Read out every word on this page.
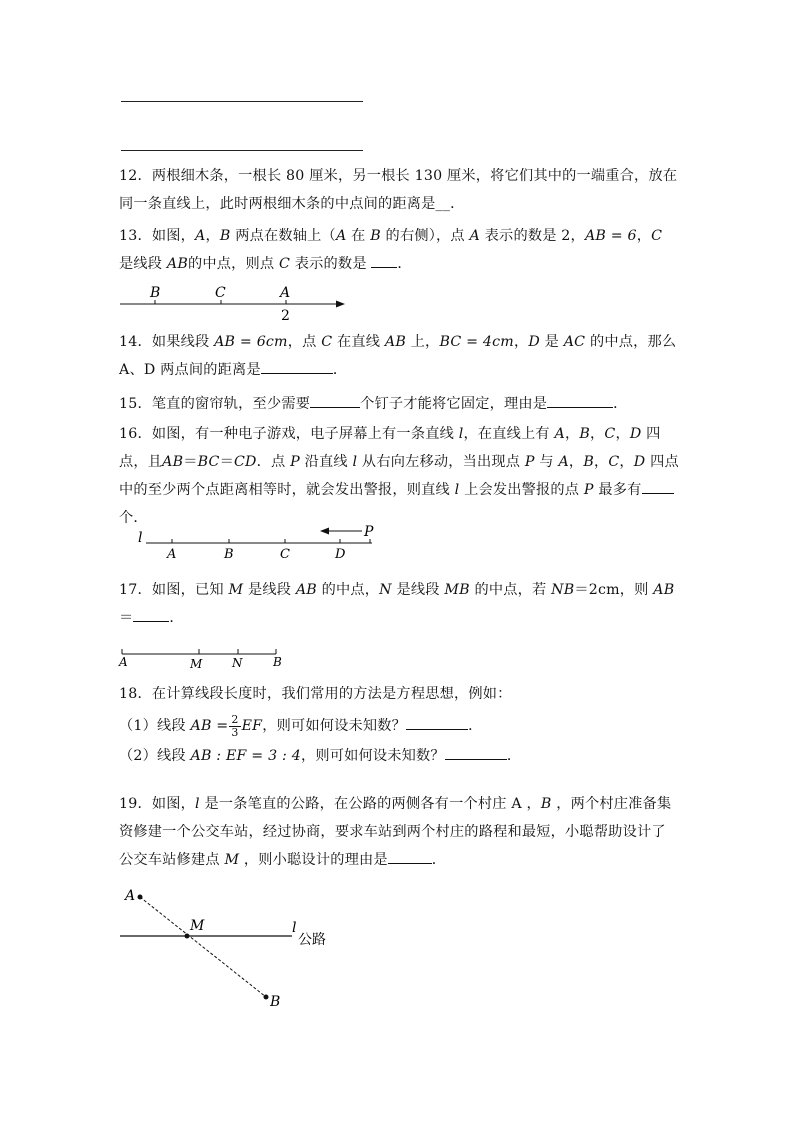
12．两根细木条，一根长 80 厘米，另一根长 130 厘米，将它们其中的一端重合，放在同一条直线上，此时两根细木条的中点间的距离是__．
13．如图，A，B 两点在数轴上（A 在 B 的右侧），点 A 表示的数是 2，AB = 6，C 是线段 AB的中点，则点 C 表示的数是 ．
B	C	A
2
14．如果线段 AB = 6cm，点 C 在直线 AB 上，BC = 4cm，D 是 AC 的中点，那么 A、D 两点间的距离是	．
15．笔直的窗帘轨，至少需要	个钉子才能将它固定，理由是	．
16．如图，有一种电子游戏，电子屏幕上有一条直线 l，在直线上有 A，B，C，D 四点，且AB＝BC＝CD．点 P 沿直线 l 从右向左移动，当出现点 P 与 A，B，C，D 四点中的至少两个点距离相等时，就会发出警报，则直线 l 上会发出警报的点 P 最多有个．
l
A	B	C	D
P
17．如图，已知 M 是线段 AB 的中点，N 是线段 MB 的中点，若 NB＝2cm，则 AB
＝	．
A	M N	B
18．在计算线段长度时，我们常用的方法是方程思想，例如：
（1）线段 AB = $\frac{2}{3}$ EF，则可如何设未知数？	．
（2）线段 AB : EF = 3 : 4，则可如何设未知数？	．
19．如图，l 是一条笔直的公路，在公路的两侧各有一个村庄 A ，B ，两个村庄准备集资修建一个公交车站，经过协商，要求车站到两个村庄的路程和最短，小聪帮助设计了公交车站修建点 M ，则小聪设计的理由是	．
A
M	l
公路
B
